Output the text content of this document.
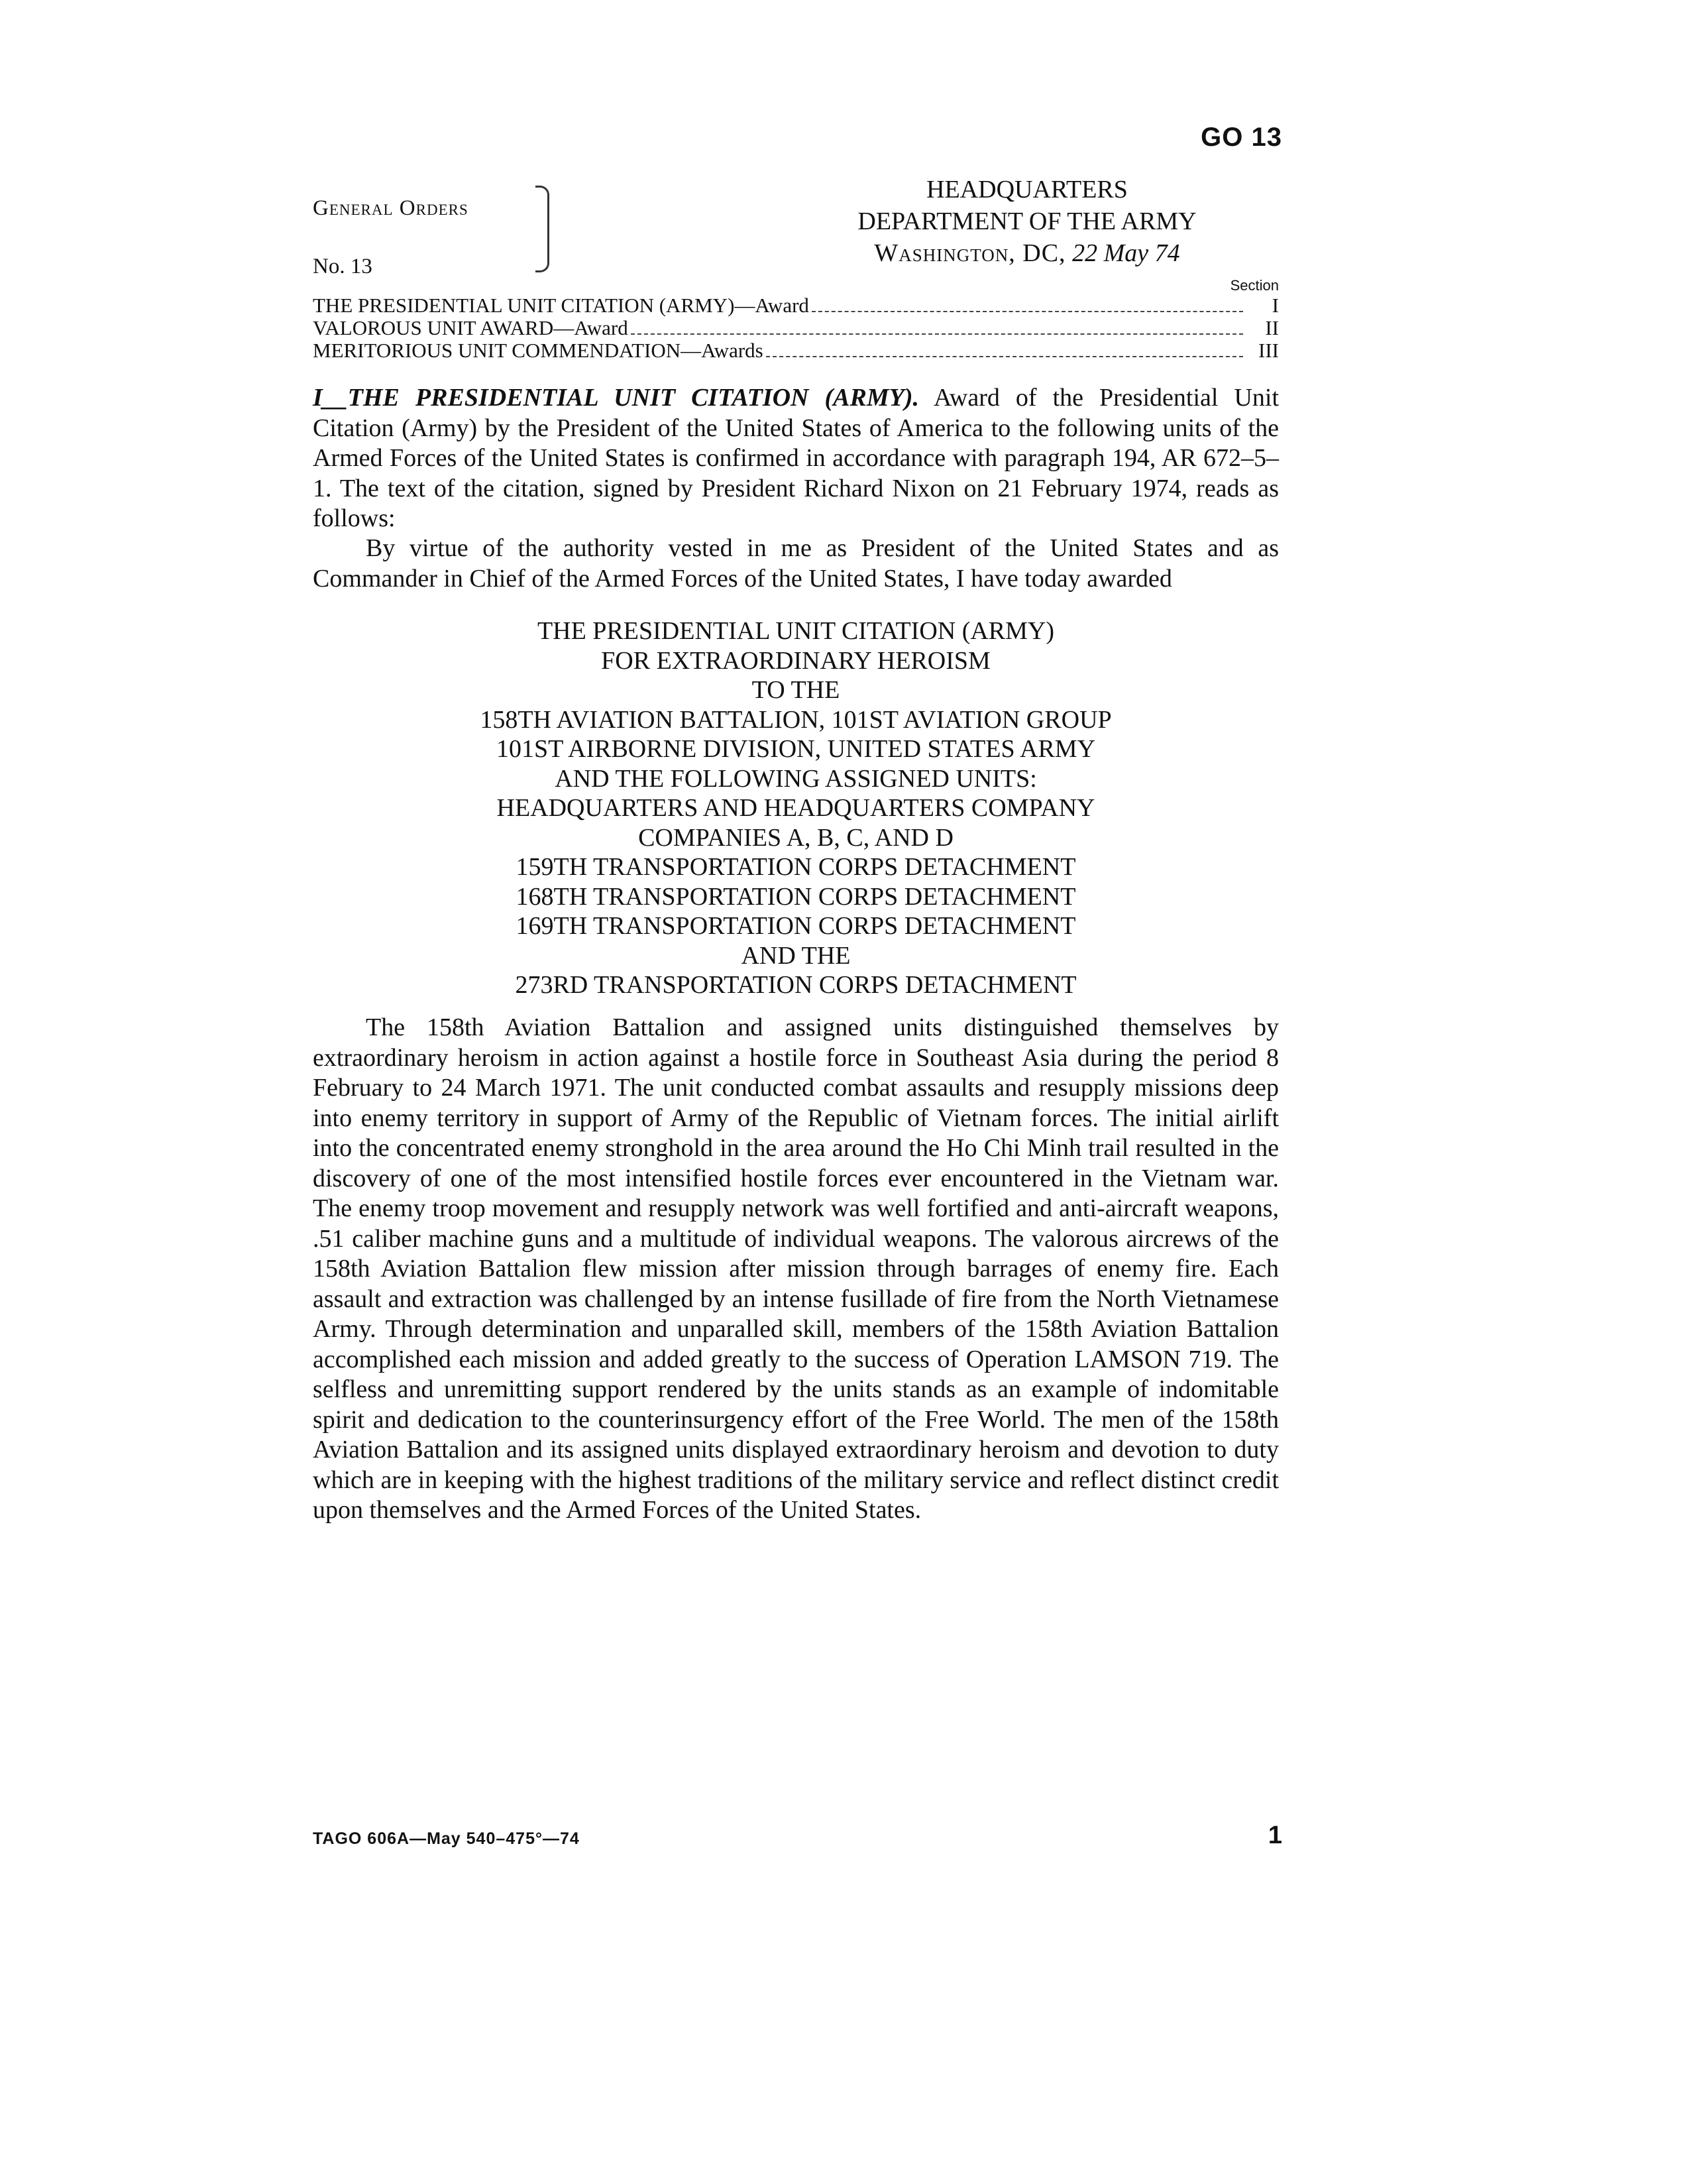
GO 13
General Orders
No. 13
HEADQUARTERS
DEPARTMENT OF THE ARMY
Washington, DC, 22 May 74
Section
THE PRESIDENTIAL UNIT CITATION (ARMY)—Award	I
VALOROUS UNIT AWARD—Award	II
MERITORIOUS UNIT COMMENDATION—Awards	III
I__THE PRESIDENTIAL UNIT CITATION (ARMY). Award of the Presidential Unit Citation (Army) by the President of the United States of America to the following units of the Armed Forces of the United States is confirmed in accordance with paragraph 194, AR 672–5–1. The text of the citation, signed by President Richard Nixon on 21 February 1974, reads as follows:
By virtue of the authority vested in me as President of the United States and as Commander in Chief of the Armed Forces of the United States, I have today awarded
THE PRESIDENTIAL UNIT CITATION (ARMY)
FOR EXTRAORDINARY HEROISM
TO THE
158TH AVIATION BATTALION, 101ST AVIATION GROUP
101ST AIRBORNE DIVISION, UNITED STATES ARMY
AND THE FOLLOWING ASSIGNED UNITS:
HEADQUARTERS AND HEADQUARTERS COMPANY
COMPANIES A, B, C, AND D
159TH TRANSPORTATION CORPS DETACHMENT
168TH TRANSPORTATION CORPS DETACHMENT
169TH TRANSPORTATION CORPS DETACHMENT
AND THE
273RD TRANSPORTATION CORPS DETACHMENT
The 158th Aviation Battalion and assigned units distinguished themselves by extraordinary heroism in action against a hostile force in Southeast Asia during the period 8 February to 24 March 1971. The unit conducted combat assaults and resupply missions deep into enemy territory in support of Army of the Republic of Vietnam forces. The initial airlift into the concentrated enemy stronghold in the area around the Ho Chi Minh trail resulted in the discovery of one of the most intensified hostile forces ever encountered in the Vietnam war. The enemy troop movement and resupply network was well fortified and anti-aircraft weapons, .51 caliber machine guns and a multitude of individual weapons. The valorous aircrews of the 158th Aviation Battalion flew mission after mission through barrages of enemy fire. Each assault and extraction was challenged by an intense fusillade of fire from the North Vietnamese Army. Through determination and unparalled skill, members of the 158th Aviation Battalion accomplished each mission and added greatly to the success of Operation LAMSON 719. The selfless and unremitting support rendered by the units stands as an example of indomitable spirit and dedication to the counterinsurgency effort of the Free World. The men of the 158th Aviation Battalion and its assigned units displayed extraordinary heroism and devotion to duty which are in keeping with the highest traditions of the military service and reflect distinct credit upon themselves and the Armed Forces of the United States.
TAGO 606A—May 540–475°—74	1
